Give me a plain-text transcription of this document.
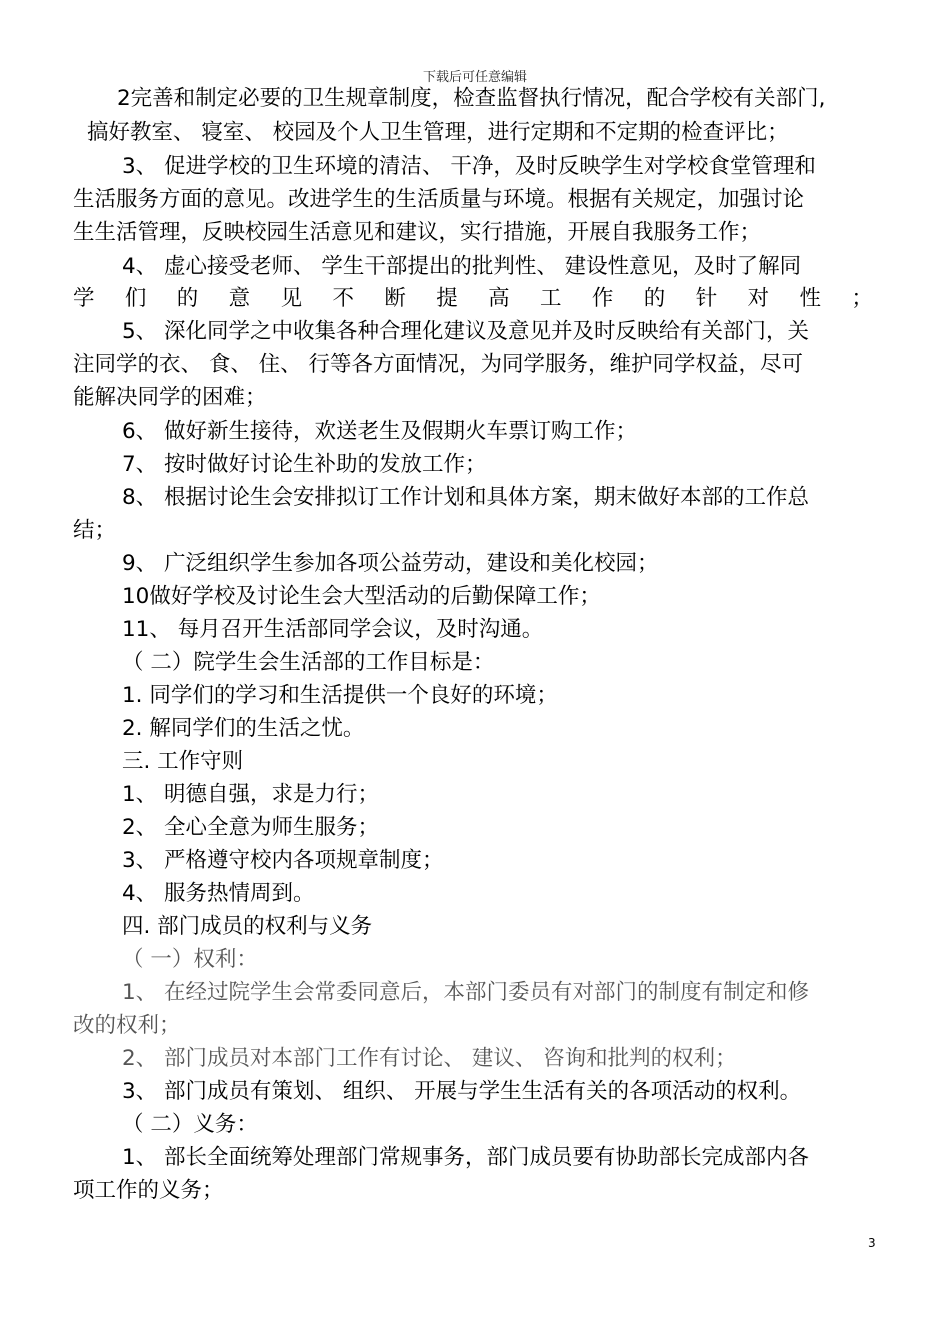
下载后可任意编辑
2完善和制定必要的卫生规章制度，检查监督执行情况，配合学校有关部门,
搞好教室、 寝室、 校园及个人卫生管理，进行定期和不定期的检查评比；
3、 促进学校的卫生环境的清洁、 干净，及时反映学生对学校食堂管理和
生活服务方面的意见。改进学生的生活质量与环境。根据有关规定，加强讨论
生生活管理，反映校园生活意见和建议，实行措施，开展自我服务工作；
4、 虚心接受老师、 学生干部提出的批判性、 建设性意见，及时了解同
学 们 的 意 见 不 断 提 高 工 作 的 针 对 性 ；
5、 深化同学之中收集各种合理化建议及意见并及时反映给有关部门，关
注同学的衣、 食、 住、 行等各方面情况，为同学服务，维护同学权益，尽可
能解决同学的困难；
6、 做好新生接待，欢送老生及假期火车票订购工作；
7、 按时做好讨论生补助的发放工作；
8、 根据讨论生会安排拟订工作计划和具体方案，期末做好本部的工作总
结；
9、 广泛组织学生参加各项公益劳动，建设和美化校园；
10做好学校及讨论生会大型活动的后勤保障工作；
11、 每月召开生活部同学会议，及时沟通。
（ 二）院学生会生活部的工作目标是：
1. 同学们的学习和生活提供一个良好的环境；
2. 解同学们的生活之忧。
三. 工作守则
1、 明德自强，求是力行；
2、 全心全意为师生服务；
3、 严格遵守校内各项规章制度；
4、 服务热情周到。
四. 部门成员的权利与义务
（ 一）权利：
1、 在经过院学生会常委同意后，本部门委员有对部门的制度有制定和修
改的权利；
2、 部门成员对本部门工作有讨论、 建议、 咨询和批判的权利；
3、 部门成员有策划、 组织、 开展与学生生活有关的各项活动的权利。
（ 二）义务：
1、 部长全面统筹处理部门常规事务，部门成员要有协助部长完成部内各
项工作的义务；
3
